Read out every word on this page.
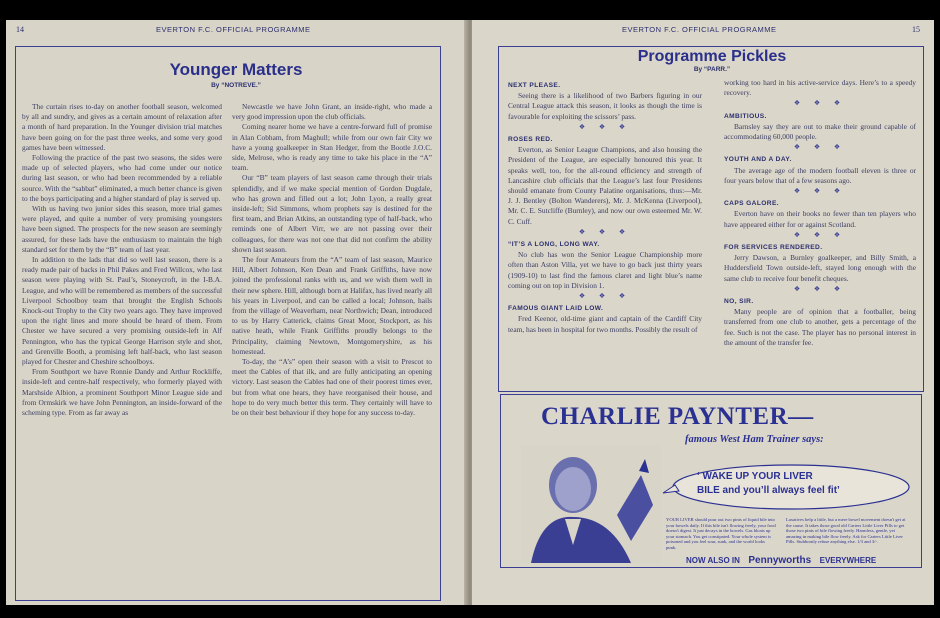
14	EVERTON F.C. OFFICIAL PROGRAMME
Younger Matters
By “NOTREVE.”

The curtain rises to-day on another football season, welcomed by all and sundry, and gives as a certain amount of relaxation after a month of hard preparation. In the Younger division trial matches have been going on for the past three weeks, and some very good games have been witnessed.

Following the practice of the past two seasons, the sides were made up of selected players, who had come under our notice during last season, or who had been recommended by a reliable source. With the “sabbat” eliminated, a much better chance is given to the boys participating and a higher standard of play is served up.

With us having two junior sides this season, more trial games were played, and quite a number of very promising youngsters have been signed. The prospects for the new season are seemingly assured, for these lads have the enthusiasm to maintain the high standard set for them by the “B” team of last year.

In addition to the lads that did so well last season, there is a ready made pair of backs in Phil Pakes and Fred Willcox, who last season were playing with St. Paul’s, Stoneycroft, in the I-B.A. League, and who will be remembered as members of the successful Liverpool Schoolboy team that brought the English Schools Knock-out Trophy to the City two years ago. They have improved upon the right lines and more should be heard of them. From Chester we have secured a very promising outside-left in Alf Pennington, who has the typical George Harrison style and shot, and Grenville Booth, a promising left half-back, who last season played for Chester and Cheshire schoolboys.

From Southport we have Ronnie Dandy and Arthur Rockliffe, inside-left and centre-half respectively, who formerly played with Marshside Albion, a prominent Southport Minor League side and from Ormskirk we have John Pennington, an inside-forward of the scheming type. From as far away as

Newcastle we have John Grant, an inside-right, who made a very good impression upon the club officials.

Coming nearer home we have a centre-forward full of promise in Alan Cobham, from Maghull; while from our own fair City we have a young goalkeeper in Stan Hedger, from the Bootle J.O.C. side, Melrose, who is ready any time to take his place in the “A” team.

Our “B” team players of last season came through their trials splendidly, and if we make special mention of Gordon Dugdale, who has grown and filled out a lot; John Lyon, a really great inside-left; Sid Simmons, whom prophets say is destined for the first team, and Brian Atkins, an outstanding type of half-back, who reminds one of Albert Virr, we are not passing over their colleagues, for there was not one that did not confirm the ability shown last season.

The four Amateurs from the “A” team of last season, Maurice Hill, Albert Johnson, Ken Dean and Frank Griffiths, have now joined the professional ranks with us, and we wish them well in their new sphere. Hill, although born at Halifax, has lived nearly all his years in Liverpool, and can be called a local; Johnson, hails from the village of Weaverham, near Northwich; Dean, introduced to us by Harry Catterick, claims Great Moor, Stockport, as his native heath, while Frank Griffiths proudly belongs to the Principality, claiming Newtown, Montgomeryshire, as his homestead.

To-day, the “A’s” open their season with a visit to Prescot to meet the Cables of that ilk, and are fully anticipating an opening victory. Last season the Cables had one of their poorest times ever, but from what one hears, they have reorganised their house, and hope to do very much better this term. They certainly will have to be on their best behaviour if they hope for any success to-day.

EVERTON F.C. OFFICIAL PROGRAMME	15
Programme Pickles
By “PARR.”
NEXT PLEASE.

Seeing there is a likelihood of two Barbers figuring in our Central League attack this season, it looks as though the time is favourable for exploiting the scissors’ pass.

❖ ❖ ❖
ROSES RED.

Everton, as Senior League Champions, and also housing the President of the League, are especially honoured this year. It speaks well, too, for the all-round efficiency and strength of Lancashire club officials that the League’s last four Presidents should emanate from County Palatine organisations, thus:—Mr. J. J. Bentley (Bolton Wanderers), Mr. J. McKenna (Liverpool), Mr. C. E. Sutcliffe (Burnley), and now our own esteemed Mr. W. C. Cuff.

❖ ❖ ❖
“IT’S A LONG, LONG WAY.

No club has won the Senior League Championship more often than Aston Villa, yet we have to go back just thirty years (1909-10) to last find the famous claret and light blue’s name coming out on top in Division 1.

❖ ❖ ❖
FAMOUS GIANT LAID LOW.

Fred Keenor, old-time giant and captain of the Cardiff City team, has been in hospital for two months. Possibly the result of

working too hard in his active-service days. Here’s to a speedy recovery.

❖ ❖ ❖
AMBITIOUS.

Barnsley say they are out to make their ground capable of accommodating 60,000 people.

❖ ❖ ❖
YOUTH AND A DAY.

The average age of the modern football eleven is three or four years below that of a few seasons ago.

❖ ❖ ❖
CAPS GALORE.

Everton have on their books no fewer than ten players who have appeared either for or against Scotland.

❖ ❖ ❖
FOR SERVICES RENDERED.

Jerry Dawson, a Burnley goalkeeper, and Billy Smith, a Huddersfield Town outside-left, stayed long enough with the same club to receive four benefit cheques.

❖ ❖ ❖
NO, SIR.

Many people are of opinion that a footballer, being transferred from one club to another, gets a percentage of the fee. Such is not the case. The player has no personal interest in the amount of the transfer fee.

CHARLIE PAYNTER—
famous West Ham Trainer says:
‘ WAKE UP YOUR LIVER
BILE and you’ll always feel fit’
YOUR LIVER should pour out two pints of liquid bile into your bowels daily. If this bile isn't flowing freely, your food doesn't digest. It just decays in the bowels. Gas bloats up your stomach. You get constipated. Your whole system is poisoned and you feel sour, sunk, and the world looks punk.
Laxatives help a little, but a mere bowel movement doesn't get at the cause. It takes those good old Carters Little Liver Pills to get those two pints of bile flowing freely. Harmless, gentle, yet amazing in making bile flow freely. Ask for Carters Little Liver Pills. Stubbornly refuse anything else. 1/3 and 3/-.
NOW ALSO IN Pennyworths EVERYWHERE
